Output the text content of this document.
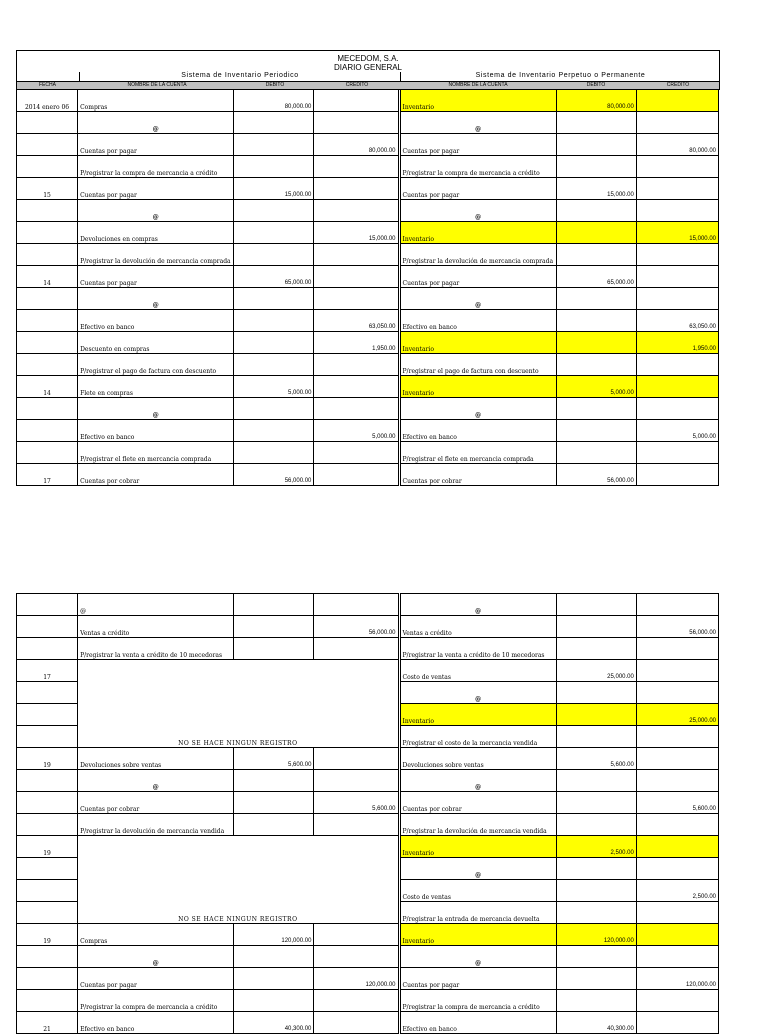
MECEDOM, S.A.
DIARIO GENERAL
Sistema de Inventario Periodico	Sistema de Inventario Perpetuo o Permanente
FECHA	NOMBRE DE LA CUENTA	DEBITO	CREDITO	NOMBRE DE LA CUENTA	DEBITO	CREDITO
2014 enero 06	Compras	80,000.00			Inventario	80,000.00	
	@				@		
	Cuentas por pagar		80,000.00		Cuentas por pagar		80,000.00
	P/registrar la compra de mercancia a crédito				P/registrar la compra de mercancia a crédito		
15	Cuentas por pagar	15,000.00			Cuentas por pagar	15,000.00	
	@				@		
	Devoluciones en compras		15,000.00		Inventario		15,000.00
	P/registrar la devolución de mercancia comprada				P/registrar la devolución de mercancia comprada		
14	Cuentas por pagar	65,000.00			Cuentas por pagar	65,000.00	
	@				@		
	Efectivo en banco		63,050.00		Efectivo en banco		63,050.00
	Descuento en compras		1,950.00		Inventario		1,950.00
	P/registrar el pago de factura con descuento				P/registrar el pago de factura con descuento		
14	Flete en compras	5,000.00			Inventario	5,000.00	
	@				@		
	Efectivo en banco		5,000.00		Efectivo en banco		5,000.00
	P/registrar el flete en mercancia comprada				P/registrar el flete en mercancia comprada		
17	Cuentas por cobrar	56,000.00			Cuentas por cobrar	56,000.00	
	@				@		
	Ventas a crédito		56,000.00		Ventas a crédito		56,000.00
	P/registrar la venta a crédito de 10 mecedoras				P/registrar la venta a crédito de 10 mecedoras		
17	NO SE HACE NINGUN REGISTRO				Costo de ventas	25,000.00	
					@		
					Inventario		25,000.00
					P/registrar el costo de la mercancia vendida		
19	Devoluciones sobre ventas	5,600.00			Devoluciones sobre ventas	5,600.00	
	@				@		
	Cuentas por cobrar		5,600.00		Cuentas por cobrar		5,600.00
	P/registrar la devolución de mercancia vendida				P/registrar la devolución de mercancia vendida		
19	NO SE HACE NINGUN REGISTRO				Inventario	2,500.00	
					@		
					Costo de ventas		2,500.00
					P/registrar la entrada de mercancia devuelta		
19	Compras	120,000.00			Inventario	120,000.00	
	@				@		
	Cuentas por pagar		120,000.00		Cuentas por pagar		120,000.00
	P/registrar la compra de mercancia a crédito				P/registrar la compra de mercancia a crédito		
21	Efectivo en banco	40,300.00			Efectivo en banco	40,300.00	
